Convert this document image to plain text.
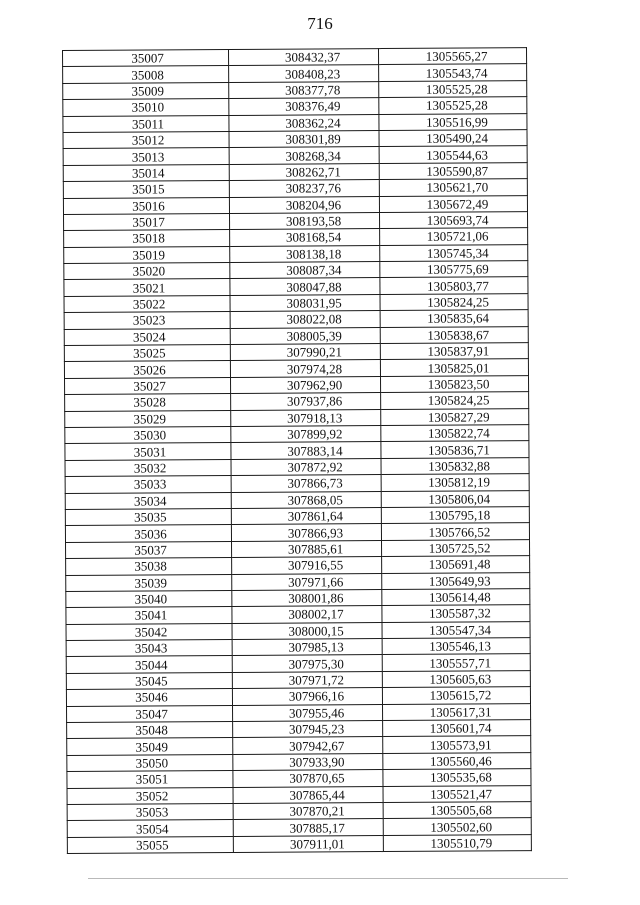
716
35007	308432,37	1305565,27
35008	308408,23	1305543,74
35009	308377,78	1305525,28
35010	308376,49	1305525,28
35011	308362,24	1305516,99
35012	308301,89	1305490,24
35013	308268,34	1305544,63
35014	308262,71	1305590,87
35015	308237,76	1305621,70
35016	308204,96	1305672,49
35017	308193,58	1305693,74
35018	308168,54	1305721,06
35019	308138,18	1305745,34
35020	308087,34	1305775,69
35021	308047,88	1305803,77
35022	308031,95	1305824,25
35023	308022,08	1305835,64
35024	308005,39	1305838,67
35025	307990,21	1305837,91
35026	307974,28	1305825,01
35027	307962,90	1305823,50
35028	307937,86	1305824,25
35029	307918,13	1305827,29
35030	307899,92	1305822,74
35031	307883,14	1305836,71
35032	307872,92	1305832,88
35033	307866,73	1305812,19
35034	307868,05	1305806,04
35035	307861,64	1305795,18
35036	307866,93	1305766,52
35037	307885,61	1305725,52
35038	307916,55	1305691,48
35039	307971,66	1305649,93
35040	308001,86	1305614,48
35041	308002,17	1305587,32
35042	308000,15	1305547,34
35043	307985,13	1305546,13
35044	307975,30	1305557,71
35045	307971,72	1305605,63
35046	307966,16	1305615,72
35047	307955,46	1305617,31
35048	307945,23	1305601,74
35049	307942,67	1305573,91
35050	307933,90	1305560,46
35051	307870,65	1305535,68
35052	307865,44	1305521,47
35053	307870,21	1305505,68
35054	307885,17	1305502,60
35055	307911,01	1305510,79
